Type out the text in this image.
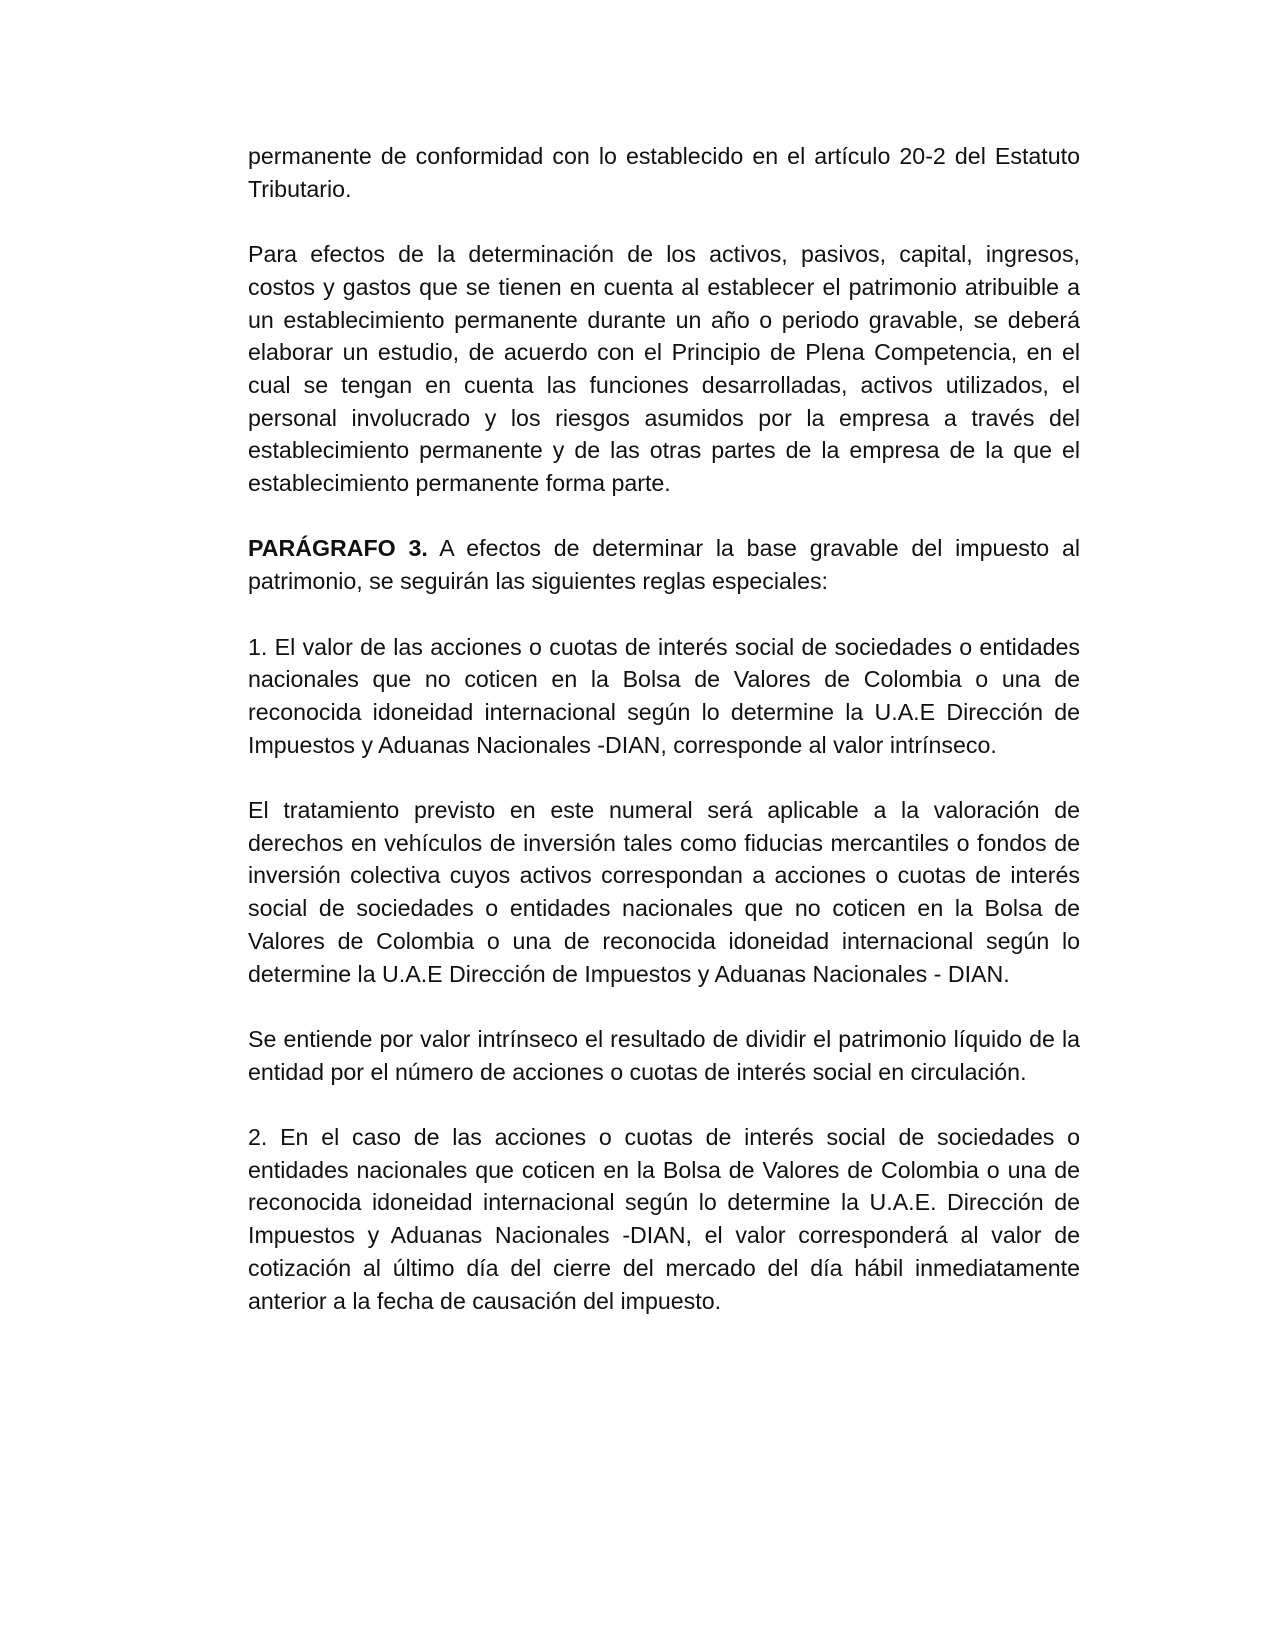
permanente de conformidad con lo establecido en el artículo 20-2 del Estatuto Tributario.

Para efectos de la determinación de los activos, pasivos, capital, ingresos, costos y gastos que se tienen en cuenta al establecer el patrimonio atribuible a un establecimiento permanente durante un año o periodo gravable, se deberá elaborar un estudio, de acuerdo con el Principio de Plena Competencia, en el cual se tengan en cuenta las funciones desarrolladas, activos utilizados, el personal involucrado y los riesgos asumidos por la empresa a través del establecimiento permanente y de las otras partes de la empresa de la que el establecimiento permanente forma parte.

PARÁGRAFO 3. A efectos de determinar la base gravable del impuesto al patrimonio, se seguirán las siguientes reglas especiales:

1. El valor de las acciones o cuotas de interés social de sociedades o entidades nacionales que no coticen en la Bolsa de Valores de Colombia o una de reconocida idoneidad internacional según lo determine la U.A.E Dirección de Impuestos y Aduanas Nacionales -DIAN, corresponde al valor intrínseco.

El tratamiento previsto en este numeral será aplicable a la valoración de derechos en vehículos de inversión tales como fiducias mercantiles o fondos de inversión colectiva cuyos activos correspondan a acciones o cuotas de interés social de sociedades o entidades nacionales que no coticen en la Bolsa de Valores de Colombia o una de reconocida idoneidad internacional según lo determine la U.A.E Dirección de Impuestos y Aduanas Nacionales - DIAN.

Se entiende por valor intrínseco el resultado de dividir el patrimonio líquido de la entidad por el número de acciones o cuotas de interés social en circulación.

2. En el caso de las acciones o cuotas de interés social de sociedades o entidades nacionales que coticen en la Bolsa de Valores de Colombia o una de reconocida idoneidad internacional según lo determine la U.A.E. Dirección de Impuestos y Aduanas Nacionales -DIAN, el valor corresponderá al valor de cotización al último día del cierre del mercado del día hábil inmediatamente anterior a la fecha de causación del impuesto.
